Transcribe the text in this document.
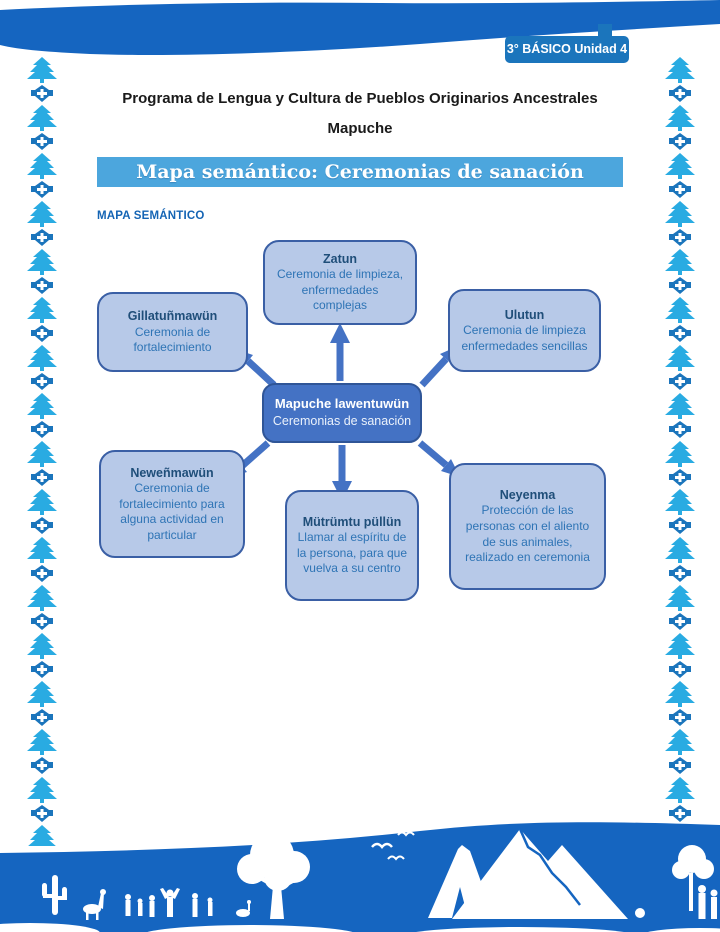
3° BÁSICO Unidad 4
Programa de Lengua y Cultura de Pueblos Originarios Ancestrales
Mapuche
Mapa semántico: Ceremonias de sanación
MAPA SEMÁNTICO
Zatun
Ceremonia de limpieza, enfermedades complejas
Gillatuñmawün
Ceremonia de fortalecimiento
Ulutun
Ceremonia de limpieza enfermedades sencillas
Mapuche lawentuwün
Ceremonias de sanación
Neweñmawün
Ceremonia de fortalecimiento para alguna actividad en particular
Mütrümtu püllün
Llamar al espíritu de la persona, para que vuelva a su centro
Neyenma
Protección de las personas con el aliento de sus animales, realizado en ceremonia
